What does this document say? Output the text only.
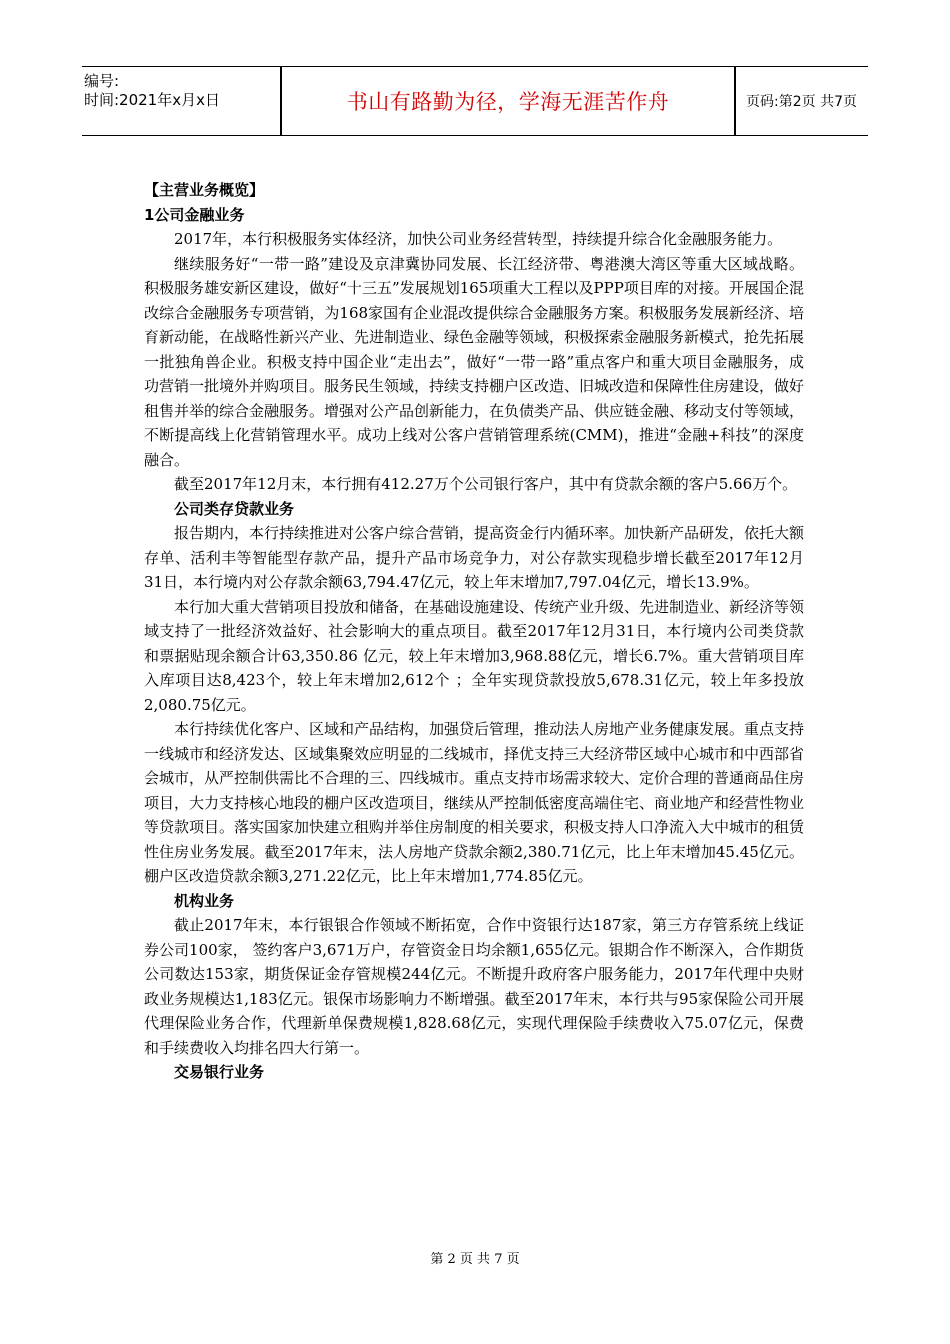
编号:
时间:2021年x月x日	书山有路勤为径，学海无涯苦作舟	页码:第2页 共7页
【主营业务概览】
1公司金融业务

2017年，本行积极服务实体经济，加快公司业务经营转型，持续提升综合化金融服务能力。

继续服务好“一带一路”建设及京津冀协同发展、长江经济带、粤港澳大湾区等重大区域战略。积极服务雄安新区建设，做好“十三五”发展规划165项重大工程以及PPP项目库的对接。开展国企混改综合金融服务专项营销，为168家国有企业混改提供综合金融服务方案。积极服务发展新经济、培育新动能，在战略性新兴产业、先进制造业、绿色金融等领域，积极探索金融服务新模式，抢先拓展一批独角兽企业。积极支持中国企业“走出去”，做好“一带一路”重点客户和重大项目金融服务，成功营销一批境外并购项目。服务民生领域，持续支持棚户区改造、旧城改造和保障性住房建设，做好租售并举的综合金融服务。增强对公产品创新能力，在负债类产品、供应链金融、移动支付等领域，不断提高线上化营销管理水平。成功上线对公客户营销管理系统(CMM)，推进“金融+科技”的深度融合。

截至2017年12月末，本行拥有412.27万个公司银行客户，其中有贷款余额的客户5.66万个。

公司类存贷款业务

报告期内，本行持续推进对公客户综合营销，提高资金行内循环率。加快新产品研发，依托大额存单、活利丰等智能型存款产品，提升产品市场竞争力，对公存款实现稳步增长截至2017年12月31日，本行境内对公存款余额63,794.47亿元，较上年末增加7,797.04亿元，增长13.9%。

本行加大重大营销项目投放和储备，在基础设施建设、传统产业升级、先进制造业、新经济等领域支持了一批经济效益好、社会影响大的重点项目。截至2017年12月31日，本行境内公司类贷款和票据贴现余额合计63,350.86 亿元，较上年末增加3,968.88亿元，增长6.7%。重大营销项目库入库项目达8,423个，较上年末增加2,612个 ；全年实现贷款投放5,678.31亿元，较上年多投放2,080.75亿元。

本行持续优化客户、区域和产品结构，加强贷后管理，推动法人房地产业务健康发展。重点支持一线城市和经济发达、区域集聚效应明显的二线城市，择优支持三大经济带区域中心城市和中西部省会城市，从严控制供需比不合理的三、四线城市。重点支持市场需求较大、定价合理的普通商品住房项目，大力支持核心地段的棚户区改造项目，继续从严控制低密度高端住宅、商业地产和经营性物业等贷款项目。落实国家加快建立租购并举住房制度的相关要求，积极支持人口净流入大中城市的租赁性住房业务发展。截至2017年末，法人房地产贷款余额2,380.71亿元，比上年末增加45.45亿元。棚户区改造贷款余额3,271.22亿元，比上年末增加1,774.85亿元。

机构业务

截止2017年末，本行银银合作领域不断拓宽，合作中资银行达187家，第三方存管系统上线证券公司100家， 签约客户3,671万户，存管资金日均余额1,655亿元。银期合作不断深入，合作期货公司数达153家，期货保证金存管规模244亿元。不断提升政府客户服务能力，2017年代理中央财政业务规模达1,183亿元。银保市场影响力不断增强。截至2017年末，本行共与95家保险公司开展代理保险业务合作，代理新单保费规模1,828.68亿元，实现代理保险手续费收入75.07亿元，保费和手续费收入均排名四大行第一。

交易银行业务
第 2 页 共 7 页
